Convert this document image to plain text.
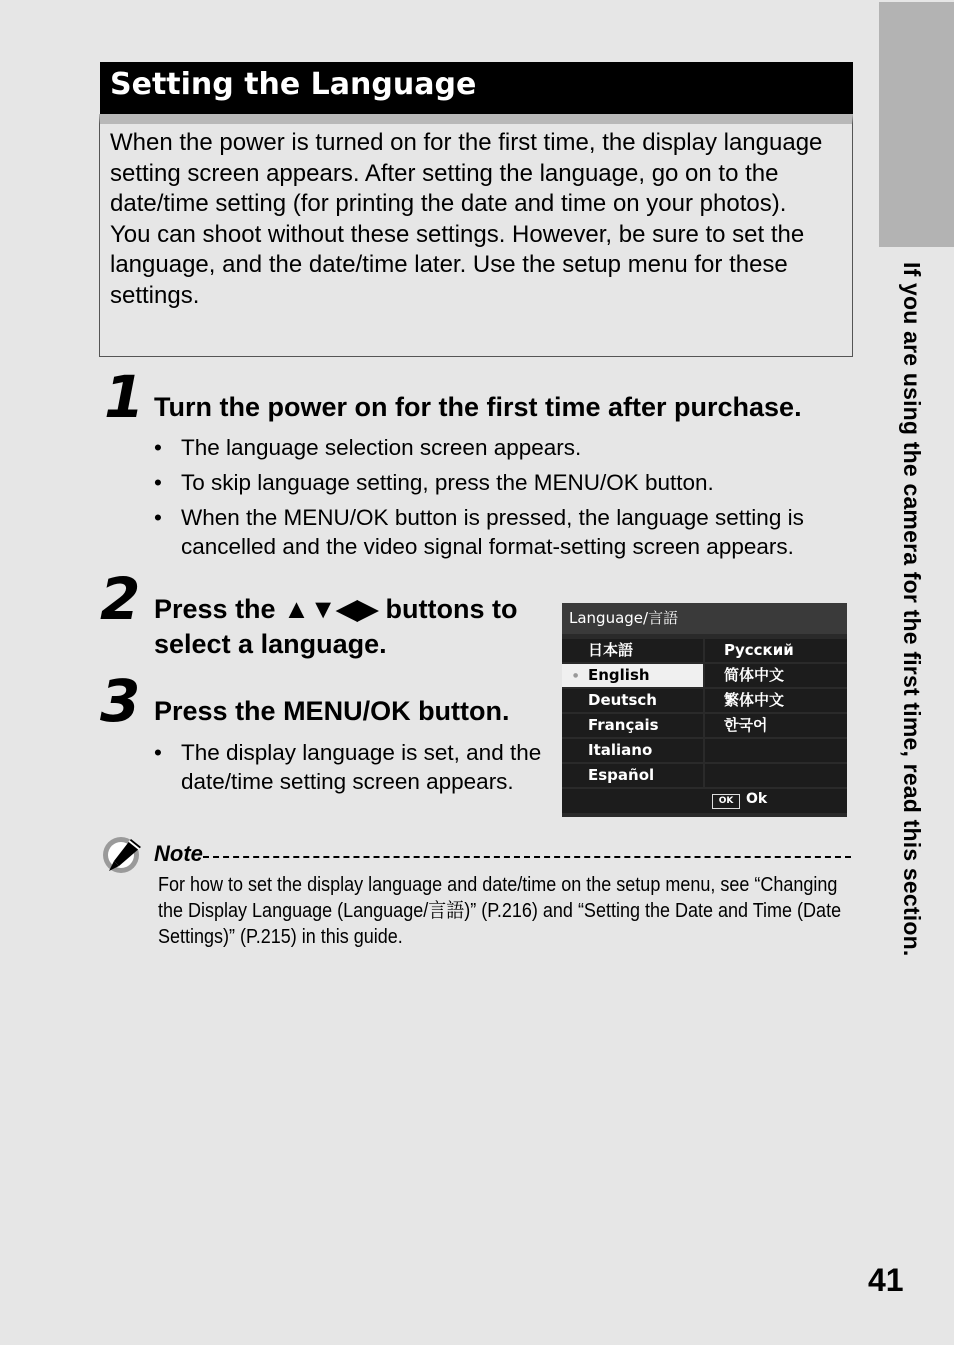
If you are using the camera for the first time, read this section.
Setting the Language
When the power is turned on for the first time, the display language setting screen appears. After setting the language, go on to the date/time setting (for printing the date and time on your photos).
You can shoot without these settings. However, be sure to set the language, and the date/time later. Use the setup menu for these settings.
1 Turn the power on for the first time after purchase.
• The language selection screen appears.
• To skip language setting, press the MENU/OK button.
• When the MENU/OK button is pressed, the language setting is cancelled and the video signal format-setting screen appears.
2 Press the ▲▼◀▶ buttons to select a language.
3 Press the MENU/OK button.
• The display language is set, and the date/time setting screen appears.
Language/言語
日本語	Русский
● English	简体中文
Deutsch	繁体中文
Français	한국어
Italiano
Español
OK Ok
Note
For how to set the display language and date/time on the setup menu, see “Changing the Display Language (Language/言語)” (P.216) and “Setting the Date and Time (Date Settings)” (P.215) in this guide.
41
